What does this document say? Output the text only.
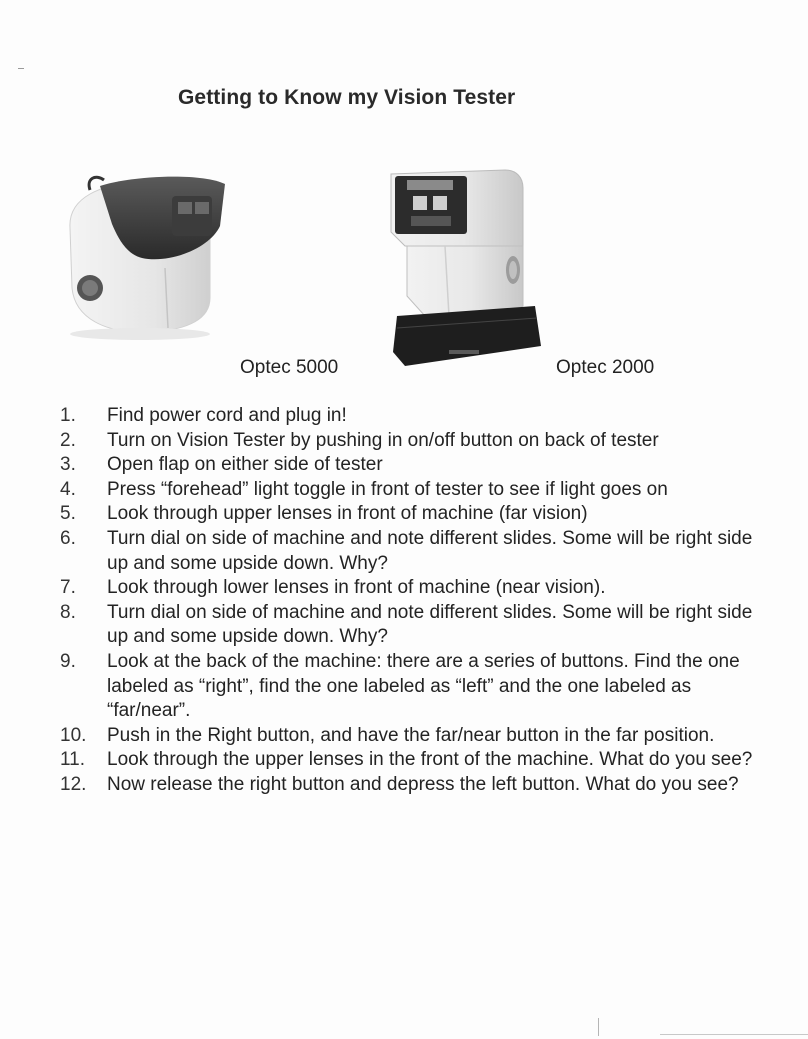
Getting to Know my Vision Tester
Optec 5000	Optec 2000
1.	Find power cord and plug in!
2.	Turn on Vision Tester by pushing in on/off button on back of tester
3.	Open flap on either side of tester
4.	Press “forehead” light toggle in front of tester to see if light goes on
5.	Look through upper lenses in front of machine (far vision)
6.	Turn dial on side of machine and note different slides. Some will be right side up and some upside down. Why?
7.	Look through lower lenses in front of machine (near vision).
8.	Turn dial on side of machine and note different slides. Some will be right side up and some upside down. Why?
9.	Look at the back of the machine: there are a series of buttons. Find the one labeled as “right”, find the one labeled as “left” and the one labeled as “far/near”.
10.	Push in the Right button, and have the far/near button in the far position.
11.	Look through the upper lenses in the front of the machine. What do you see?
12.	Now release the right button and depress the left button. What do you see?
